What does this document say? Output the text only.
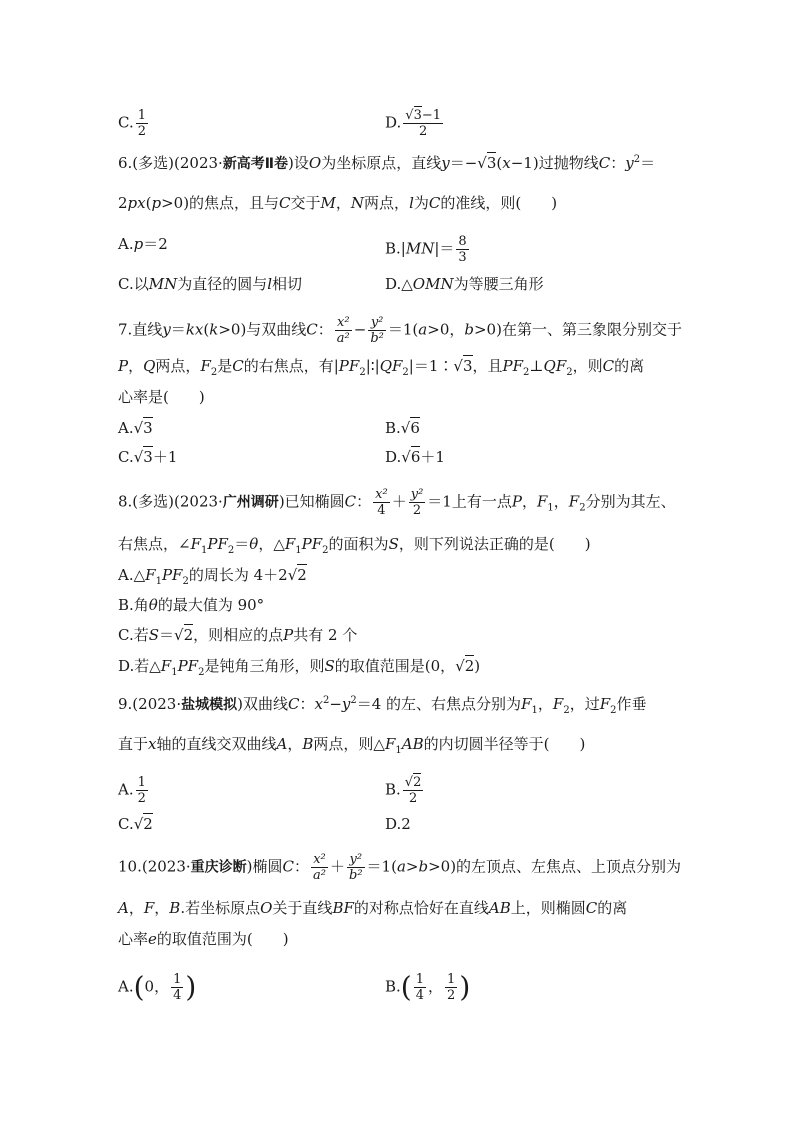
C. $\frac{1}{2}$	D. $\frac{√3-1}{2}$
6.(多选)(2023·新高考Ⅱ卷)设O为坐标原点，直线y＝−√3(x−1)过抛物线C：$y^2=$
2px(p>0)的焦点，且与C交于M，N两点，l为C的准线，则(　　)
A.p＝2	$B.|MN|= \frac{8}{3}$
C.以MN为直径的圆与l相切	D.△OMN为等腰三角形
7.直线y＝kx(k>0)与双曲线C： $\frac{\text{x²}}{\text{a²}} - \frac{\text{y²}}{\text{b²}} =1(a>0$，b>0)在第一、第三象限分别交于
P，Q两点，$F_2$是C的右焦点，有$|PF_2|∶|QF_2|=1∶√3$，且$PF_2\perp QF_2$，则C的离
心率是(　　)
A.√3	B.√6
C.√3＋1	D.√6＋1
8.(多选)(2023·广州调研)已知椭圆C： $\frac{\text{x²}}{4} + \frac{\text{y²}}{2} =1$上有一点P，$F_1$，$F_2$分别为其左、
右焦点，$\angle F_1PF_2=\theta$，$\triangle F_1PF_2$的面积为S，则下列说法正确的是(　　)
$A.\triangle F_1PF_2$的周长为 4＋2√2
B.角θ的最大值为 90°
C.若S＝√2，则相应的点P共有 2 个
D.若$\triangle F_1PF_2$是钝角三角形，则S的取值范围是(0，√2)
9.(2023·盐城模拟)双曲线C：$x^2-y^2=4$ 的左、右焦点分别为$F_1$，$F_2$，过$F_2$作垂
直于x轴的直线交双曲线A，B两点，则$\triangle F_1AB$的内切圆半径等于(　　)
A. $\frac{1}{2}$	B. $\frac{√2}{2}$
C.√2	D.2
10.(2023·重庆诊断)椭圆C： $\frac{\text{x²}}{\text{a²}} + \frac{\text{y²}}{\text{b²}} =1(a>b>0)$的左顶点、左焦点、上顶点分别为
A，F，B.若坐标原点O关于直线BF的对称点恰好在直线AB上，则椭圆C的离
心率e的取值范围为(　　)
A.(0， $\frac{1}{4}$ )	$B.( \frac{1}{4}$ ， $\frac{1}{2}$ )
